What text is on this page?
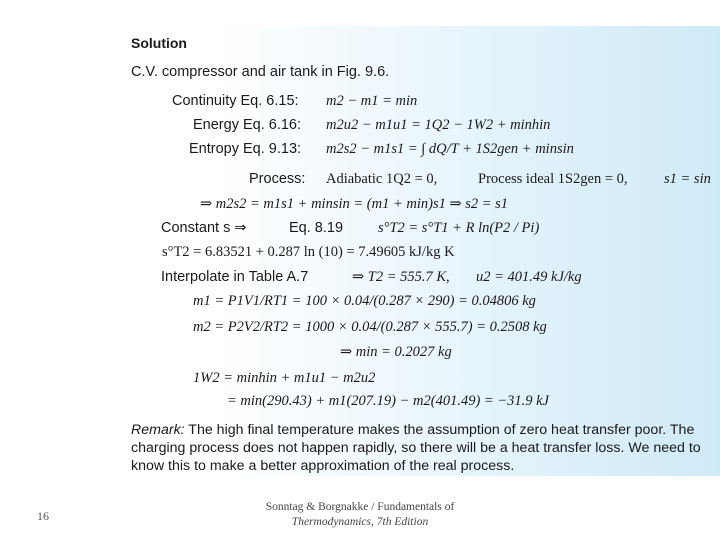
Solution
C.V. compressor and air tank in Fig. 9.6.
Continuity Eq. 6.15: m2 − m1 = min
Energy Eq. 6.16: m2u2 − m1u1 = 1Q2 − 1W2 + minhin
Entropy Eq. 9.13: m2s2 − m1s1 = ∫ dQ/T + 1S2gen + minsin
Process: Adiabatic 1Q2 = 0,	Process ideal 1S2gen = 0,	s1 = sin
⇒ m2s2 = m1s1 + minsin = (m1 + min)s1 ⇒ s2 = s1
Constant s ⇒	Eq. 8.19 s°T2 = s°T1 + R ln(P2 / Pi)
s°T2 = 6.83521 + 0.287 ln (10) = 7.49605 kJ/kg K
Interpolate in Table A.7	⇒ T2 = 555.7 K, u2 = 401.49 kJ/kg
m1 = P1V1/RT1 = 100 × 0.04/(0.287 × 290) = 0.04806 kg
m2 = P2V2/RT2 = 1000 × 0.04/(0.287 × 555.7) = 0.2508 kg
⇒ min = 0.2027 kg
1W2 = minhin + m1u1 − m2u2
= min(290.43) + m1(207.19) − m2(401.49) = −31.9 kJ
Remark: The high final temperature makes the assumption of zero heat transfer poor. The charging process does not happen rapidly, so there will be a heat transfer loss. We need to know this to make a better approximation of the real process.
16
Sonntag & Borgnakke / Fundamentals of
Thermodynamics, 7th Edition
